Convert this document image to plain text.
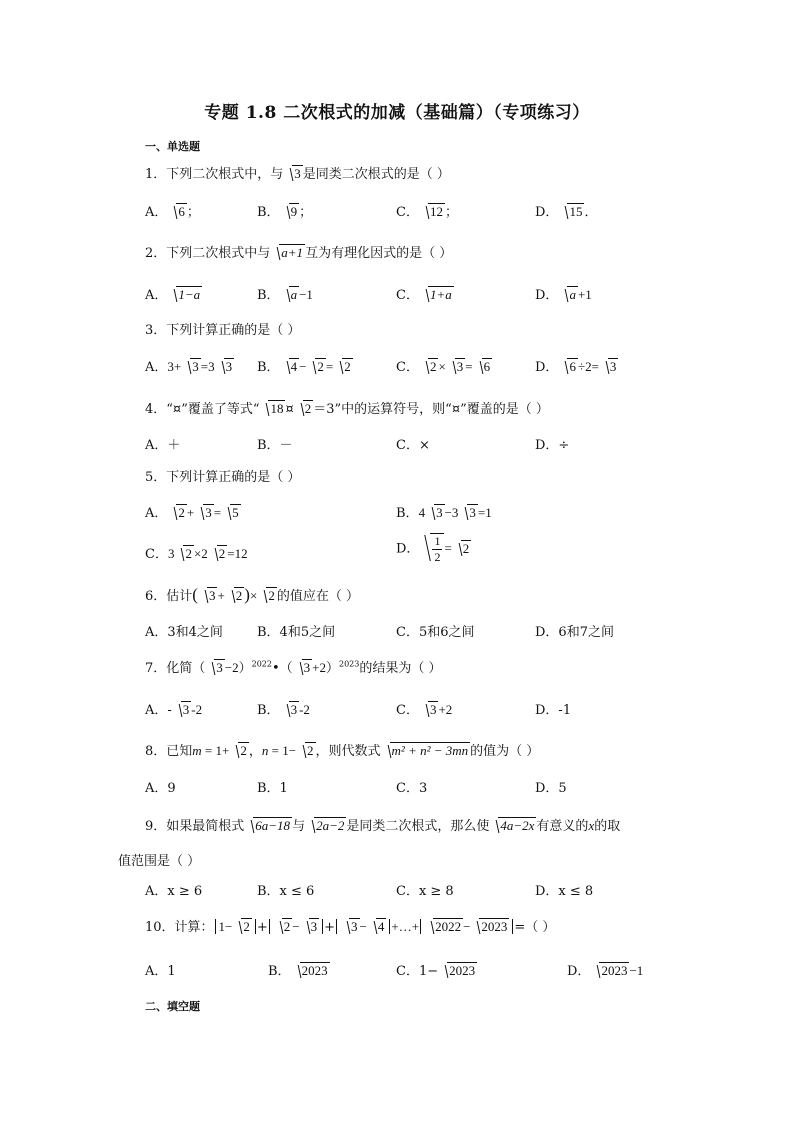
专题 1.8 二次根式的加减（基础篇）（专项练习）
一、单选题
1．下列二次根式中，与 3 是同类二次根式的是（ ）
A． 6 ；	B． 9 ；	C． 12 ；	D． 15 ．
2．下列二次根式中与 a+1 互为有理化因式的是（ ）
A． 1−a	B． a −1	C． 1+a	D． a +1
3．下列计算正确的是（ ）
A．3+ 3 =3 3 B． 4 − 2 = 2	C． 2 × 3 = 6	D． 6 ÷2= 3
4．“¤”覆盖了等式“ 18 ¤ 2 ＝3”中的运算符号，则“¤”覆盖的是（ ）
A．＋	B．－	C．×	D．÷
5．下列计算正确的是（ ）
A． 2 + 3 = 5	B．4 3 −3 3 =1
C．3 2 ×2 2 =12	D． $\frac{1}{2} = 2$
6．估计( 3 + 2 )× 2 的值应在（ ）
A．3和4之间	B．4和5之间	C．5和6之间	D．6和7之间
7．化简（ 3 −2）$^{2022}$•（ 3 +2）$^{2023}$的结果为（ ）
A．- 3 -2	B． 3 -2	C． 3 +2	D．-1
8．已知m = 1+ 2 ，n = 1− 2 ，则代数式 m² + n² − 3mn 的值为（ ）
A．9	B．1	C．3	D．5
9．如果最简根式 6a−18 与 2a−2 是同类二次根式，那么使 4a−2x 有意义的x的取
值范围是（ ）
A．x ≥ 6	B．x ≤ 6	C．x ≥ 8	D．x ≤ 8
10．计算： 1− 2 + 2 − 3 + 3 − 4 +…+ 2022 − 2023 =（ ）
A．1	B． 2023	C．1− 2023	D． 2023 −1
二、填空题
